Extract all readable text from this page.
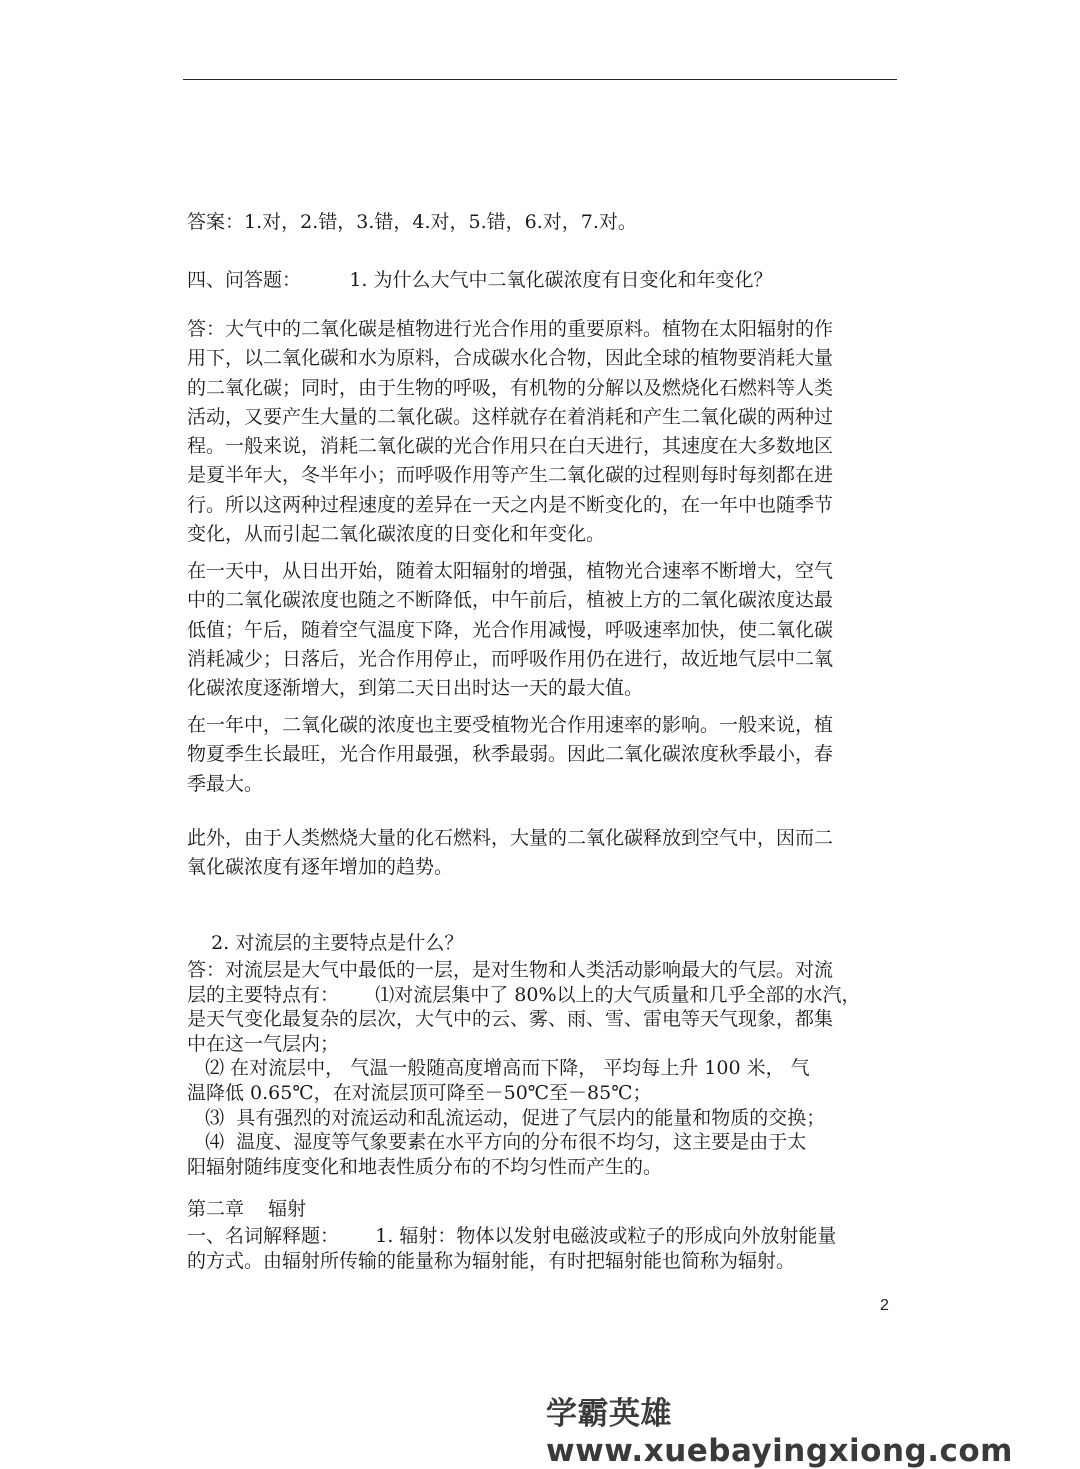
答案：1.对，2.错，3.错，4.对，5.错，6.对，7.对。
四、问答题：        1. 为什么大气中二氧化碳浓度有日变化和年变化？
答：大气中的二氧化碳是植物进行光合作用的重要原料。植物在太阳辐射的作
用下，以二氧化碳和水为原料，合成碳水化合物，因此全球的植物要消耗大量
的二氧化碳；同时，由于生物的呼吸，有机物的分解以及燃烧化石燃料等人类
活动，又要产生大量的二氧化碳。这样就存在着消耗和产生二氧化碳的两种过
程。一般来说，消耗二氧化碳的光合作用只在白天进行，其速度在大多数地区
是夏半年大，冬半年小；而呼吸作用等产生二氧化碳的过程则每时每刻都在进
行。所以这两种过程速度的差异在一天之内是不断变化的，在一年中也随季节
变化，从而引起二氧化碳浓度的日变化和年变化。
在一天中，从日出开始，随着太阳辐射的增强，植物光合速率不断增大，空气
中的二氧化碳浓度也随之不断降低，中午前后，植被上方的二氧化碳浓度达最
低值；午后，随着空气温度下降，光合作用减慢，呼吸速率加快，使二氧化碳
消耗减少；日落后，光合作用停止，而呼吸作用仍在进行，故近地气层中二氧
化碳浓度逐渐增大，到第二天日出时达一天的最大值。
在一年中，二氧化碳的浓度也主要受植物光合作用速率的影响。一般来说，植
物夏季生长最旺，光合作用最强，秋季最弱。因此二氧化碳浓度秋季最小，春
季最大。
此外，由于人类燃烧大量的化石燃料，大量的二氧化碳释放到空气中，因而二
氧化碳浓度有逐年增加的趋势。
2. 对流层的主要特点是什么？
答：对流层是大气中最低的一层，是对生物和人类活动影响最大的气层。对流
层的主要特点有：      ⑴对流层集中了 80%以上的大气质量和几乎全部的水汽，
是天气变化最复杂的层次，大气中的云、雾、雨、雪、雷电等天气现象，都集
中在这一气层内；
⑵ 在对流层中， 气温一般随高度增高而下降， 平均每上升 100 米， 气
温降低 0.65℃，在对流层顶可降至－50℃至－85℃；
⑶  具有强烈的对流运动和乱流运动，促进了气层内的能量和物质的交换；
⑷  温度、湿度等气象要素在水平方向的分布很不均匀，这主要是由于太
阳辐射随纬度变化和地表性质分布的不均匀性而产生的。
第二章    辐射
一、名词解释题：      1. 辐射：物体以发射电磁波或粒子的形成向外放射能量
的方式。由辐射所传输的能量称为辐射能，有时把辐射能也简称为辐射。
2
学霸英雄 www.xuebayingxiong.com
